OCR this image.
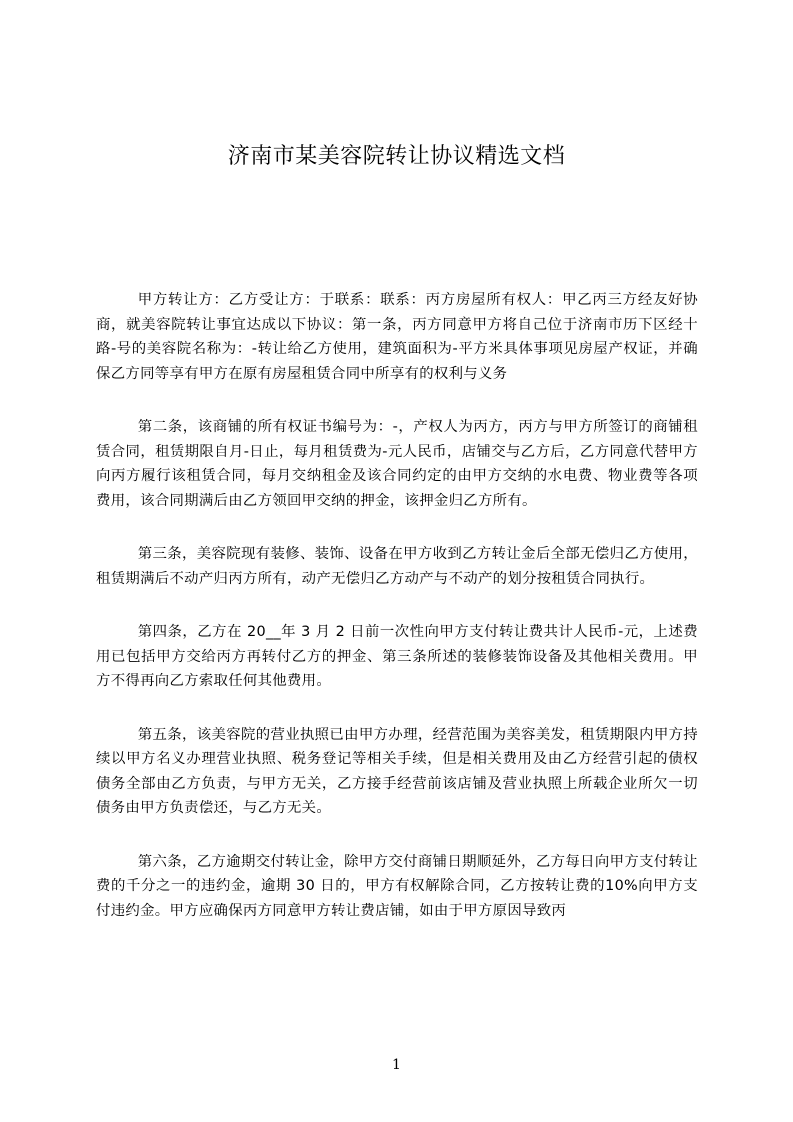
济南市某美容院转让协议精选文档

甲方转让方：乙方受让方：于联系：联系：丙方房屋所有权人：甲乙丙三方经友好协商，就美容院转让事宜达成以下协议：第一条，丙方同意甲方将自己位于济南市历下区经十路-号的美容院名称为：-转让给乙方使用，建筑面积为-平方米具体事项见房屋产权证，并确保乙方同等享有甲方在原有房屋租赁合同中所享有的权利与义务

第二条，该商铺的所有权证书编号为：-，产权人为丙方，丙方与甲方所签订的商铺租赁合同，租赁期限自月-日止，每月租赁费为-元人民币，店铺交与乙方后，乙方同意代替甲方向丙方履行该租赁合同，每月交纳租金及该合同约定的由甲方交纳的水电费、物业费等各项费用，该合同期满后由乙方领回甲交纳的押金，该押金归乙方所有。

第三条，美容院现有装修、装饰、设备在甲方收到乙方转让金后全部无偿归乙方使用，租赁期满后不动产归丙方所有，动产无偿归乙方动产与不动产的划分按租赁合同执行。

第四条，乙方在 20__年 3 月 2 日前一次性向甲方支付转让费共计人民币-元，上述费用已包括甲方交给丙方再转付乙方的押金、第三条所述的装修装饰设备及其他相关费用。甲方不得再向乙方索取任何其他费用。

第五条，该美容院的营业执照已由甲方办理，经营范围为美容美发，租赁期限内甲方持续以甲方名义办理营业执照、税务登记等相关手续，但是相关费用及由乙方经营引起的债权债务全部由乙方负责，与甲方无关，乙方接手经营前该店铺及营业执照上所载企业所欠一切债务由甲方负责偿还，与乙方无关。

第六条，乙方逾期交付转让金，除甲方交付商铺日期顺延外，乙方每日向甲方支付转让费的千分之一的违约金，逾期 30 日的，甲方有权解除合同，乙方按转让费的10%向甲方支付违约金。甲方应确保丙方同意甲方转让费店铺，如由于甲方原因导致丙

1
